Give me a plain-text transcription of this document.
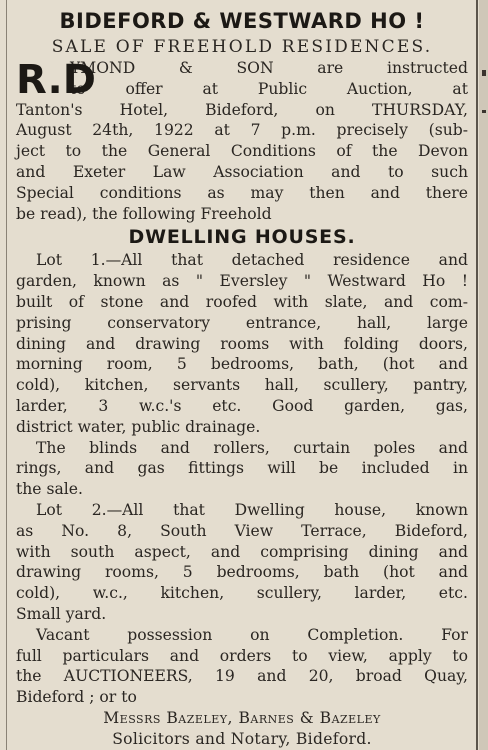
BIDEFORD & WESTWARD HO !
SALE OF FREEHOLD RESIDENCES.
R.D
YMOND & SON are instructed
to offer at Public Auction, at
Tanton's Hotel, Bideford, on THURSDAY,
August 24th, 1922 at 7 p.m. precisely (sub-
ject to the General Conditions of the Devon
and Exeter Law Association and to such
Special conditions as may then and there
be read), the following Freehold
DWELLING HOUSES.
Lot 1.—All that detached residence and
garden, known as " Eversley " Westward Ho !
built of stone and roofed with slate, and com-
prising conservatory entrance, hall, large
dining and drawing rooms with folding doors,
morning room, 5 bedrooms, bath, (hot and
cold), kitchen, servants hall, scullery, pantry,
larder, 3 w.c.'s etc. Good garden, gas,
district water, public drainage.
The blinds and rollers, curtain poles and
rings, and gas fittings will be included in
the sale.
Lot 2.—All that Dwelling house, known
as No. 8, South View Terrace, Bideford,
with south aspect, and comprising dining and
drawing rooms, 5 bedrooms, bath (hot and
cold), w.c., kitchen, scullery, larder, etc.
Small yard.
Vacant possession on Completion. For
full particulars and orders to view, apply to
the AUCTIONEERS, 19 and 20, broad Quay,
Bideford ; or to
Messrs Bazeley, Barnes & Bazeley
Solicitors and Notary, Bideford.
